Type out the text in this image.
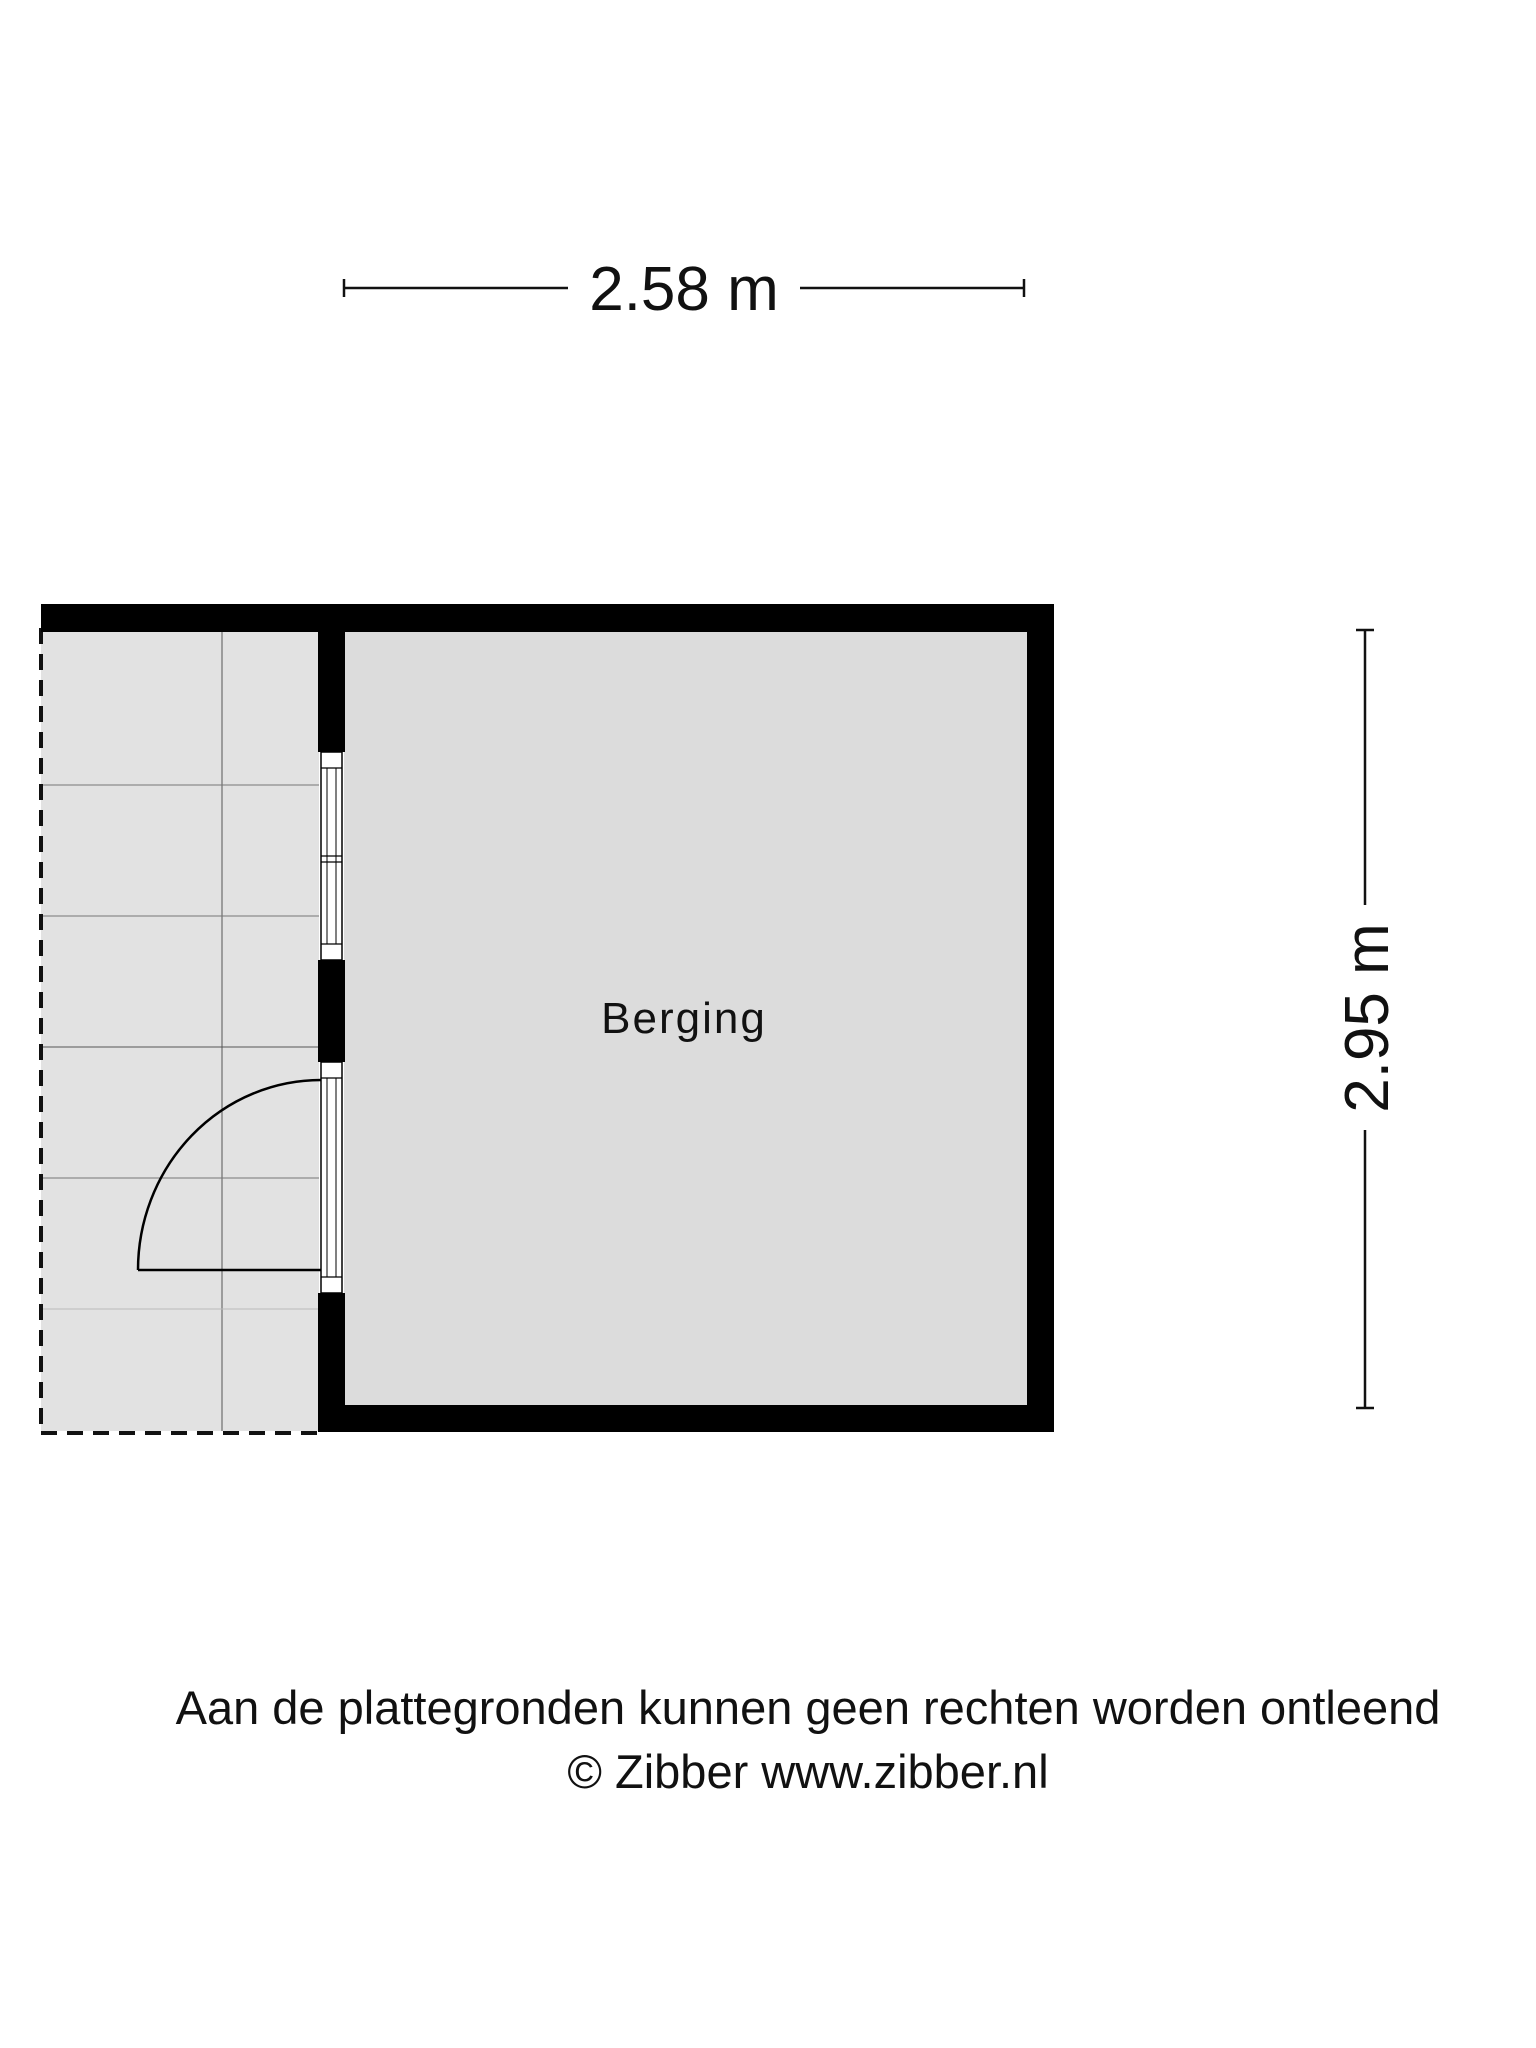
2.58 m
2.95 m
Berging
Aan de plattegronden kunnen geen rechten worden ontleend
© Zibber www.zibber.nl
